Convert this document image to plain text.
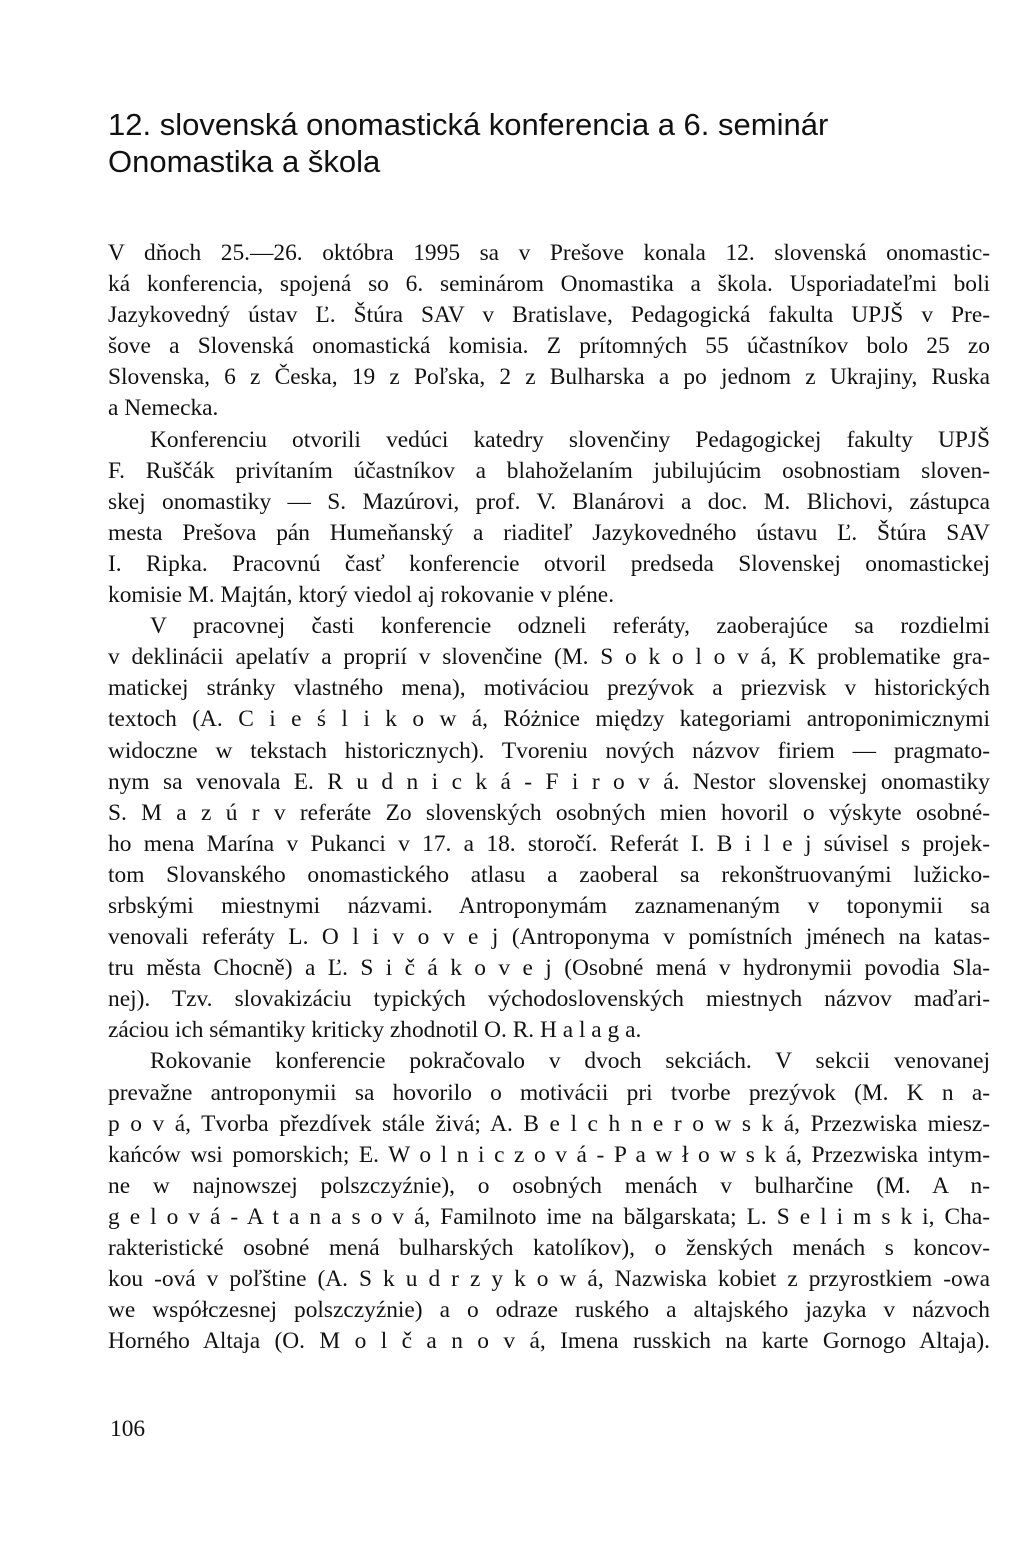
12. slovenská onomastická konferencia a 6. seminár
Onomastika a škola
V dňoch 25.—26. októbra 1995 sa v Prešove konala 12. slovenská onomastic-
ká konferencia, spojená so 6. seminárom Onomastika a škola. Usporiadateľmi boli
Jazykovedný ústav Ľ. Štúra SAV v Bratislave, Pedagogická fakulta UPJŠ v Pre-
šove a Slovenská onomastická komisia. Z prítomných 55 účastníkov bolo 25 zo
Slovenska, 6 z Česka, 19 z Poľska, 2 z Bulharska a po jednom z Ukrajiny, Ruska
a Nemecka.
Konferenciu otvorili vedúci katedry slovenčiny Pedagogickej fakulty UPJŠ
F. Ruščák privítaním účastníkov a blahoželaním jubilujúcim osobnostiam sloven-
skej onomastiky — S. Mazúrovi, prof. V. Blanárovi a doc. M. Blichovi, zástupca
mesta Prešova pán Humeňanský a riaditeľ Jazykovedného ústavu Ľ. Štúra SAV
I. Ripka. Pracovnú časť konferencie otvoril predseda Slovenskej onomastickej
komisie M. Majtán, ktorý viedol aj rokovanie v pléne.
V pracovnej časti konferencie odzneli referáty, zaoberajúce sa rozdielmi
v deklinácii apelatív a proprií v slovenčine (M. S o k o l o v á, K problematike gra-
matickej stránky vlastného mena), motiváciou prezývok a priezvisk v historických
textoch (A. C i e ś l i k o w á, Różnice między kategoriami antroponimicznymi
widoczne w tekstach historicznych). Tvoreniu nových názvov firiem — pragmato-
nym sa venovala E. R u d n i c k á - F i r o v á. Nestor slovenskej onomastiky
S. M a z ú r v referáte Zo slovenských osobných mien hovoril o výskyte osobné-
ho mena Marína v Pukanci v 17. a 18. storočí. Referát I. B i l e j súvisel s projek-
tom Slovanského onomastického atlasu a zaoberal sa rekonštruovanými lužicko-
srbskými miestnymi názvami. Antroponymám zaznamenaným v toponymii sa
venovali referáty L. O l i v o v e j (Antroponyma v pomístních jménech na katas-
tru města Chocně) a Ľ. S i č á k o v e j (Osobné mená v hydronymii povodia Sla-
nej). Tzv. slovakizáciu typických východoslovenských miestnych názvov maďari-
záciou ich sémantiky kriticky zhodnotil O. R. H a l a g a.
Rokovanie konferencie pokračovalo v dvoch sekciách. V sekcii venovanej
prevažne antroponymii sa hovorilo o motivácii pri tvorbe prezývok (M. K n a-
p o v á, Tvorba přezdívek stále živá; A. B e l c h n e r o w s k á, Przezwiska miesz-
kańców wsi pomorskich; E. W o l n i c z o v á - P a w ł o w s k á, Przezwiska intym-
ne w najnowszej polszczyźnie), o osobných menách v bulharčine (M. A n-
g e l o v á - A t a n a s o v á, Familnoto ime na bălgarskata; L. S e l i m s k i, Cha-
rakteristické osobné mená bulharských katolíkov), o ženských menách s koncov-
kou -ová v poľštine (A. S k u d r z y k o w á, Nazwiska kobiet z przyrostkiem -owa
we współczesnej polszczyźnie) a o odraze ruského a altajského jazyka v názvoch
Horného Altaja (O. M o l č a n o v á, Imena russkich na karte Gornogo Altaja).
106
